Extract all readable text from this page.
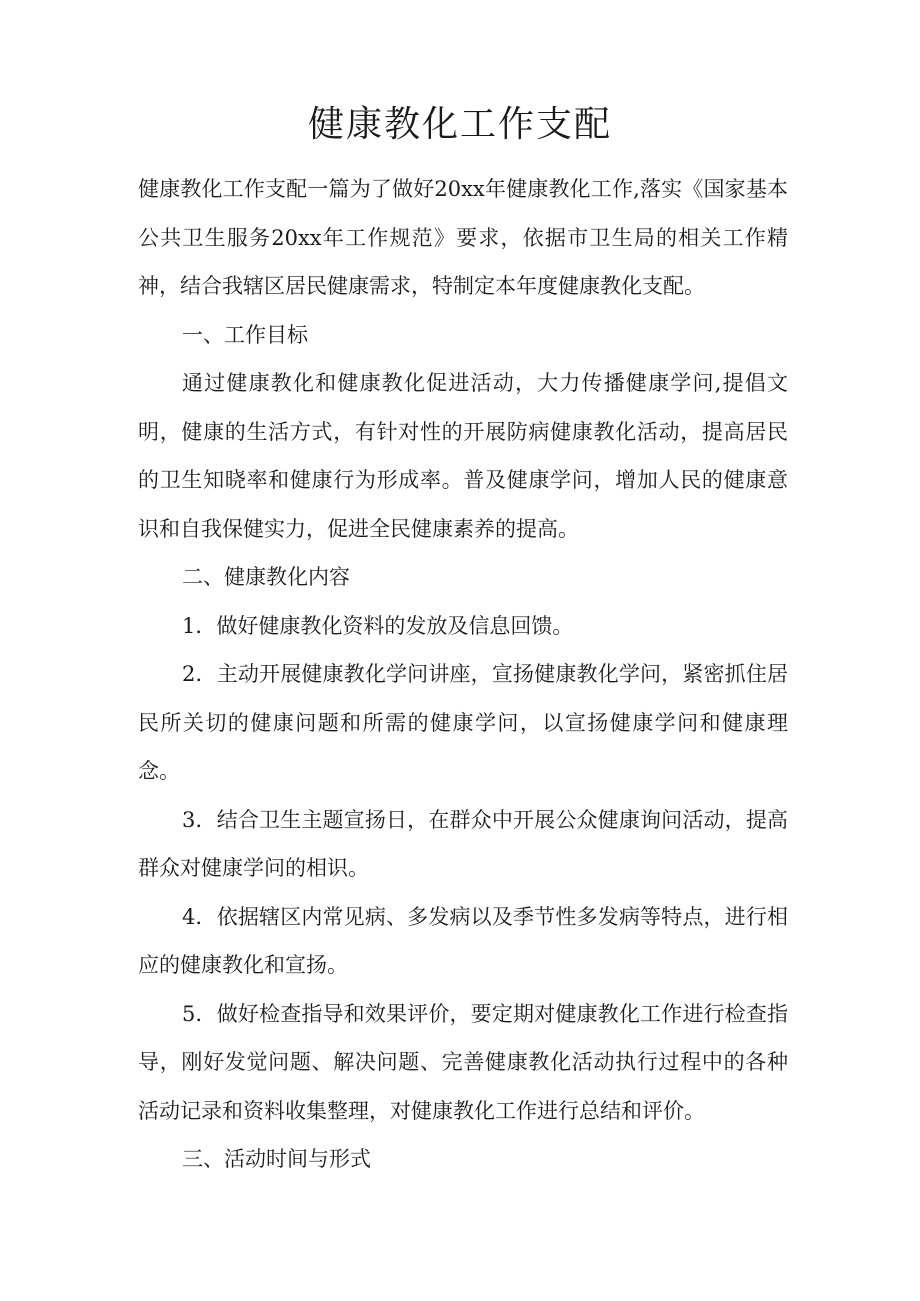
健康教化工作支配

健康教化工作支配一篇为了做好20xx年健康教化工作,落实《国家基本公共卫生服务20xx年工作规范》要求，依据市卫生局的相关工作精神，结合我辖区居民健康需求，特制定本年度健康教化支配。

一、工作目标

通过健康教化和健康教化促进活动，大力传播健康学问,提倡文明，健康的生活方式，有针对性的开展防病健康教化活动，提高居民的卫生知晓率和健康行为形成率。普及健康学问，增加人民的健康意识和自我保健实力，促进全民健康素养的提高。

二、健康教化内容

1．做好健康教化资料的发放及信息回馈。

2．主动开展健康教化学问讲座，宣扬健康教化学问，紧密抓住居民所关切的健康问题和所需的健康学问，以宣扬健康学问和健康理念。

3．结合卫生主题宣扬日，在群众中开展公众健康询问活动，提高群众对健康学问的相识。

4．依据辖区内常见病、多发病以及季节性多发病等特点，进行相应的健康教化和宣扬。

5．做好检查指导和效果评价，要定期对健康教化工作进行检查指导，刚好发觉问题、解决问题、完善健康教化活动执行过程中的各种活动记录和资料收集整理，对健康教化工作进行总结和评价。

三、活动时间与形式
